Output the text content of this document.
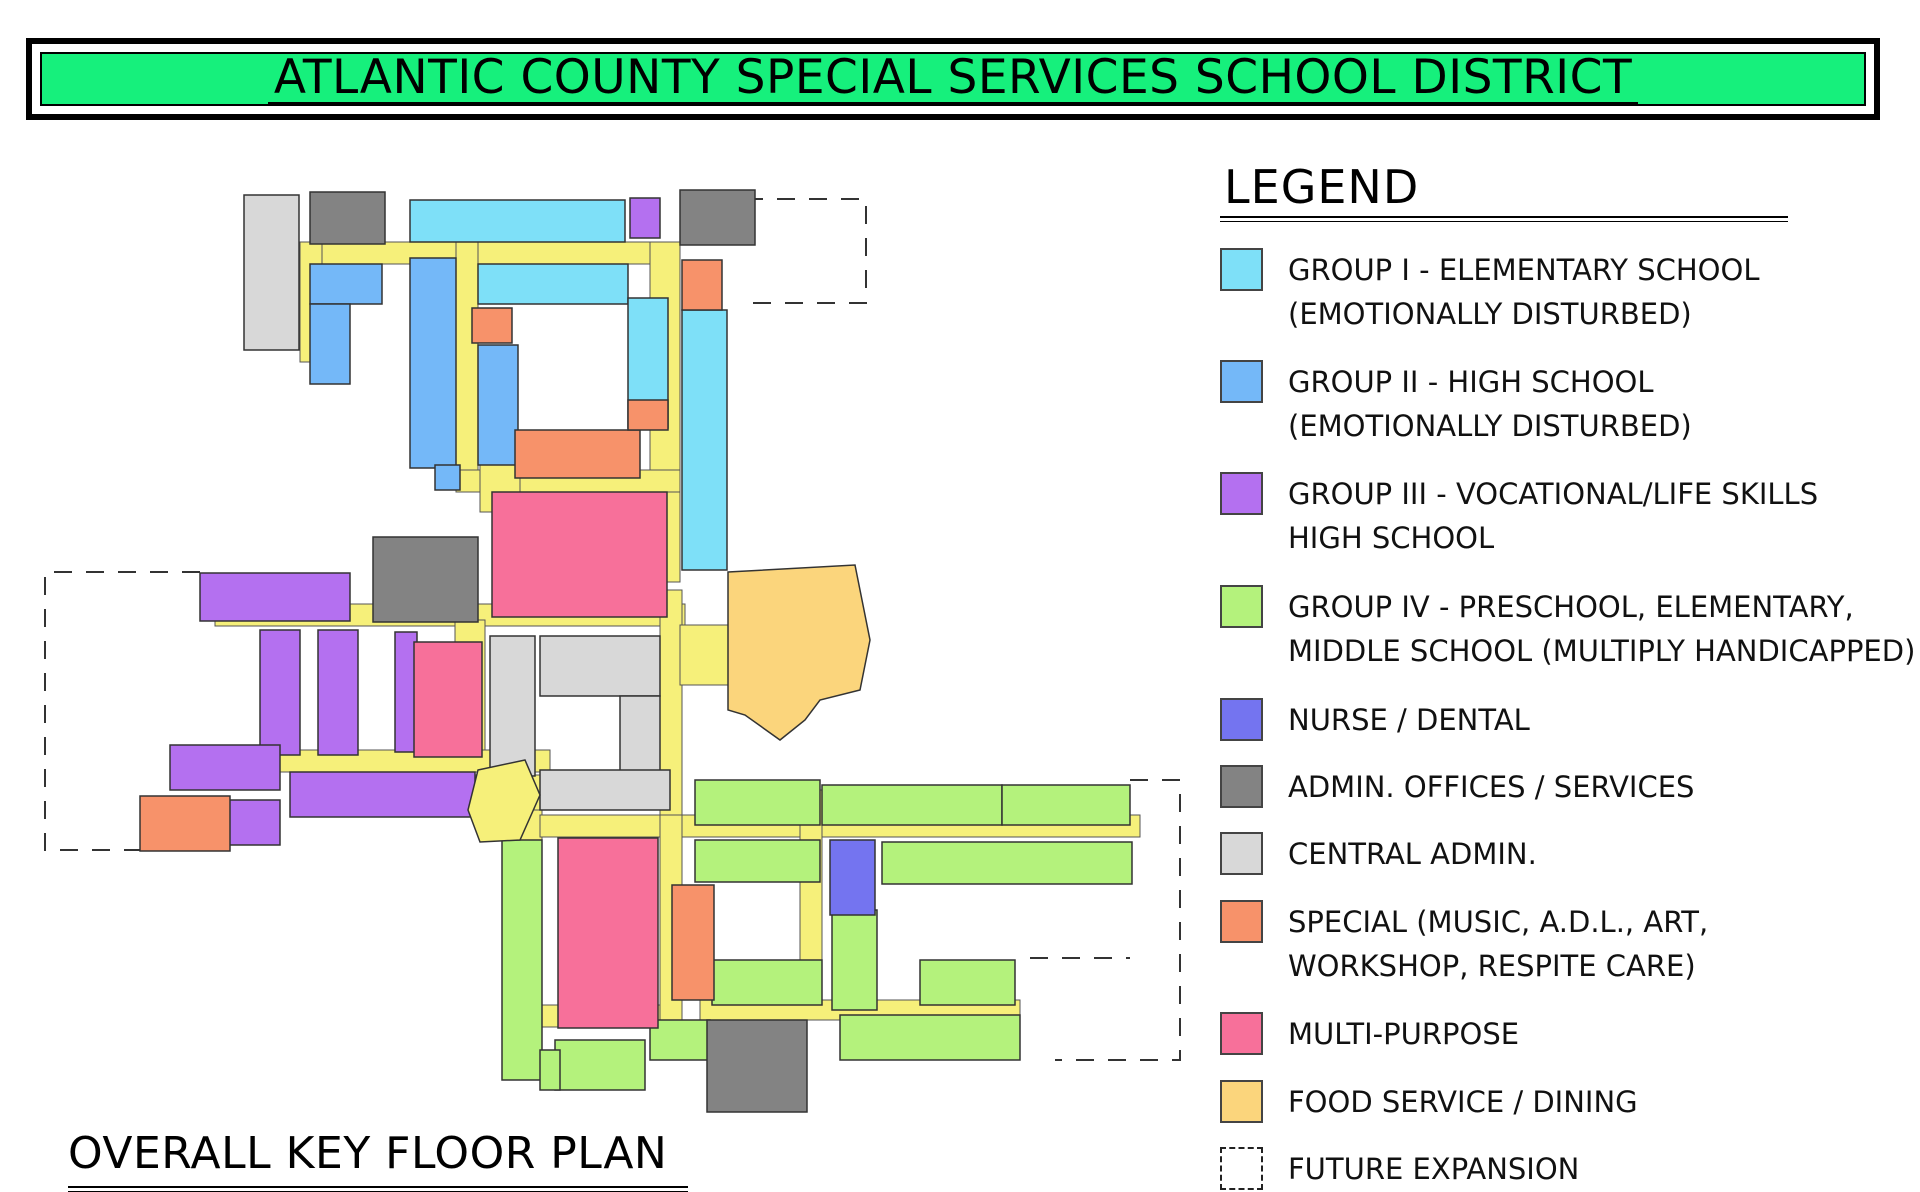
ATLANTIC COUNTY SPECIAL SERVICES SCHOOL DISTRICT
LEGEND
GROUP I - ELEMENTARY SCHOOL
(EMOTIONALLY DISTURBED)
GROUP II - HIGH SCHOOL
(EMOTIONALLY DISTURBED)
GROUP III - VOCATIONAL/LIFE SKILLS
HIGH SCHOOL
GROUP IV - PRESCHOOL, ELEMENTARY,
MIDDLE SCHOOL (MULTIPLY HANDICAPPED)
NURSE / DENTAL
ADMIN. OFFICES / SERVICES
CENTRAL ADMIN.
SPECIAL (MUSIC, A.D.L., ART,
WORKSHOP, RESPITE CARE)
MULTI-PURPOSE
FOOD SERVICE / DINING
FUTURE EXPANSION
OVERALL KEY FLOOR PLAN
